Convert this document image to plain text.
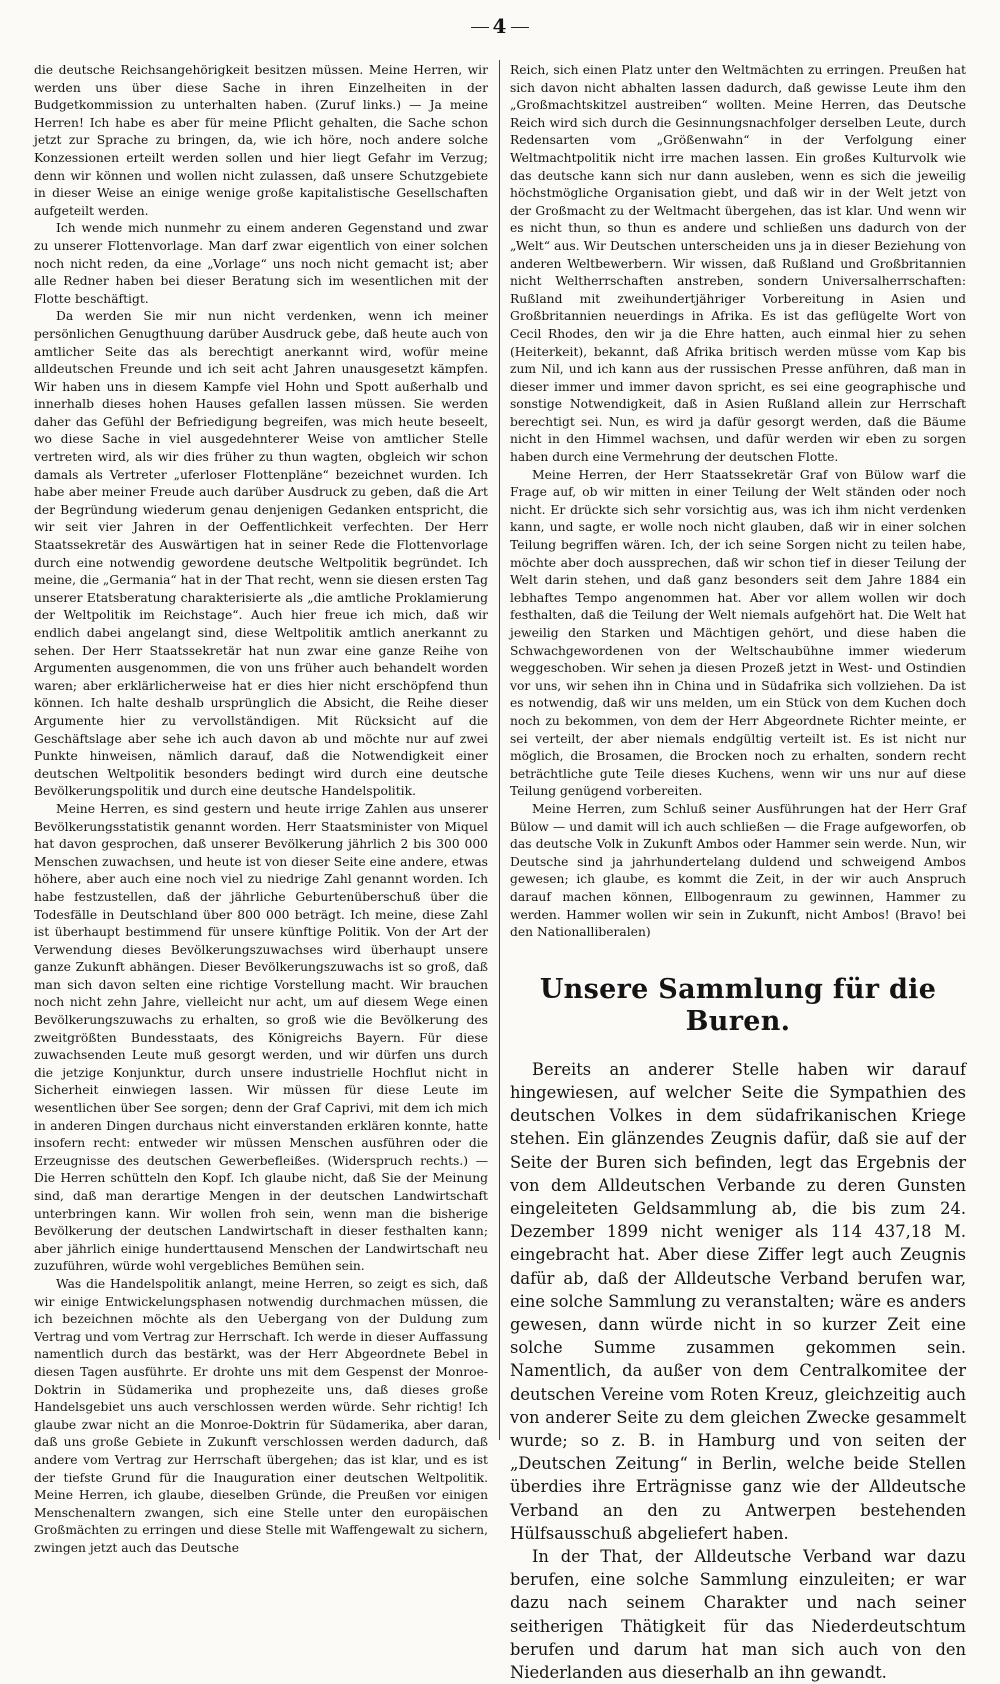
4

die deutsche Reichsangehörigkeit besitzen müssen. Meine Herren, wir werden uns über diese Sache in ihren Einzelheiten in der Budgetkommission zu unterhalten haben. (Zuruf links.) — Ja meine Herren! Ich habe es aber für meine Pflicht gehalten, die Sache schon jetzt zur Sprache zu bringen, da, wie ich höre, noch andere solche Konzessionen erteilt werden sollen und hier liegt Gefahr im Verzug; denn wir können und wollen nicht zulassen, daß unsere Schutzgebiete in dieser Weise an einige wenige große kapitalistische Gesellschaften aufgeteilt werden.

Ich wende mich nunmehr zu einem anderen Gegenstand und zwar zu unserer Flottenvorlage. Man darf zwar eigentlich von einer solchen noch nicht reden, da eine „Vorlage“ uns noch nicht gemacht ist; aber alle Redner haben bei dieser Beratung sich im wesentlichen mit der Flotte beschäftigt.

Da werden Sie mir nun nicht verdenken, wenn ich meiner persönlichen Genugthuung darüber Ausdruck gebe, daß heute auch von amtlicher Seite das als berechtigt anerkannt wird, wofür meine alldeutschen Freunde und ich seit acht Jahren unausgesetzt kämpfen. Wir haben uns in diesem Kampfe viel Hohn und Spott außerhalb und innerhalb dieses hohen Hauses gefallen lassen müssen. Sie werden daher das Gefühl der Befriedigung begreifen, was mich heute beseelt, wo diese Sache in viel ausgedehnterer Weise von amtlicher Stelle vertreten wird, als wir dies früher zu thun wagten, obgleich wir schon damals als Vertreter „uferloser Flottenpläne“ bezeichnet wurden. Ich habe aber meiner Freude auch darüber Ausdruck zu geben, daß die Art der Begründung wiederum genau denjenigen Gedanken entspricht, die wir seit vier Jahren in der Oeffentlichkeit verfechten. Der Herr Staatssekretär des Auswärtigen hat in seiner Rede die Flottenvorlage durch eine notwendig gewordene deutsche Weltpolitik begründet. Ich meine, die „Germania“ hat in der That recht, wenn sie diesen ersten Tag unserer Etatsberatung charakterisierte als „die amtliche Proklamierung der Weltpolitik im Reichstage“. Auch hier freue ich mich, daß wir endlich dabei angelangt sind, diese Weltpolitik amtlich anerkannt zu sehen. Der Herr Staatssekretär hat nun zwar eine ganze Reihe von Argumenten ausgenommen, die von uns früher auch behandelt worden waren; aber erklärlicherweise hat er dies hier nicht erschöpfend thun können. Ich halte deshalb ursprünglich die Absicht, die Reihe dieser Argumente hier zu vervollständigen. Mit Rücksicht auf die Geschäftslage aber sehe ich auch davon ab und möchte nur auf zwei Punkte hinweisen, nämlich darauf, daß die Notwendigkeit einer deutschen Weltpolitik besonders bedingt wird durch eine deutsche Bevölkerungspolitik und durch eine deutsche Handelspolitik.

Meine Herren, es sind gestern und heute irrige Zahlen aus unserer Bevölkerungsstatistik genannt worden. Herr Staatsminister von Miquel hat davon gesprochen, daß unserer Bevölkerung jährlich 2 bis 300 000 Menschen zuwachsen, und heute ist von dieser Seite eine andere, etwas höhere, aber auch eine noch viel zu niedrige Zahl genannt worden. Ich habe festzustellen, daß der jährliche Geburtenüberschuß über die Todesfälle in Deutschland über 800 000 beträgt. Ich meine, diese Zahl ist überhaupt bestimmend für unsere künftige Politik. Von der Art der Verwendung dieses Bevölkerungszuwachses wird überhaupt unsere ganze Zukunft abhängen. Dieser Bevölkerungszuwachs ist so groß, daß man sich davon selten eine richtige Vorstellung macht. Wir brauchen noch nicht zehn Jahre, vielleicht nur acht, um auf diesem Wege einen Bevölkerungszuwachs zu erhalten, so groß wie die Bevölkerung des zweitgrößten Bundesstaats, des Königreichs Bayern. Für diese zuwachsenden Leute muß gesorgt werden, und wir dürfen uns durch die jetzige Konjunktur, durch unsere industrielle Hochflut nicht in Sicherheit einwiegen lassen. Wir müssen für diese Leute im wesentlichen über See sorgen; denn der Graf Caprivi, mit dem ich mich in anderen Dingen durchaus nicht einverstanden erklären konnte, hatte insofern recht: entweder wir müssen Menschen ausführen oder die Erzeugnisse des deutschen Gewerbefleißes. (Widerspruch rechts.) — Die Herren schütteln den Kopf. Ich glaube nicht, daß Sie der Meinung sind, daß man derartige Mengen in der deutschen Landwirtschaft unterbringen kann. Wir wollen froh sein, wenn man die bisherige Bevölkerung der deutschen Landwirtschaft in dieser festhalten kann; aber jährlich einige hunderttausend Menschen der Landwirtschaft neu zuzuführen, würde wohl vergebliches Bemühen sein.

Was die Handelspolitik anlangt, meine Herren, so zeigt es sich, daß wir einige Entwickelungsphasen notwendig durchmachen müssen, die ich bezeichnen möchte als den Uebergang von der Duldung zum Vertrag und vom Vertrag zur Herrschaft. Ich werde in dieser Auffassung namentlich durch das bestärkt, was der Herr Abgeordnete Bebel in diesen Tagen ausführte. Er drohte uns mit dem Gespenst der Monroe-Doktrin in Südamerika und prophezeite uns, daß dieses große Handelsgebiet uns auch verschlossen werden würde. Sehr richtig! Ich glaube zwar nicht an die Monroe-Doktrin für Südamerika, aber daran, daß uns große Gebiete in Zukunft verschlossen werden dadurch, daß andere vom Vertrag zur Herrschaft übergehen; das ist klar, und es ist der tiefste Grund für die Inauguration einer deutschen Weltpolitik. Meine Herren, ich glaube, dieselben Gründe, die Preußen vor einigen Menschenaltern zwangen, sich eine Stelle unter den europäischen Großmächten zu erringen und diese Stelle mit Waffengewalt zu sichern, zwingen jetzt auch das Deutsche

Reich, sich einen Platz unter den Weltmächten zu erringen. Preußen hat sich davon nicht abhalten lassen dadurch, daß gewisse Leute ihm den „Großmachtskitzel austreiben“ wollten. Meine Herren, das Deutsche Reich wird sich durch die Gesinnungsnachfolger derselben Leute, durch Redensarten vom „Größenwahn“ in der Verfolgung einer Weltmachtpolitik nicht irre machen lassen. Ein großes Kulturvolk wie das deutsche kann sich nur dann ausleben, wenn es sich die jeweilig höchstmögliche Organisation giebt, und daß wir in der Welt jetzt von der Großmacht zu der Weltmacht übergehen, das ist klar. Und wenn wir es nicht thun, so thun es andere und schließen uns dadurch von der „Welt“ aus. Wir Deutschen unterscheiden uns ja in dieser Beziehung von anderen Weltbewerbern. Wir wissen, daß Rußland und Großbritannien nicht Weltherrschaften anstreben, sondern Universalherrschaften: Rußland mit zweihundertjähriger Vorbereitung in Asien und Großbritannien neuerdings in Afrika. Es ist das geflügelte Wort von Cecil Rhodes, den wir ja die Ehre hatten, auch einmal hier zu sehen (Heiterkeit), bekannt, daß Afrika britisch werden müsse vom Kap bis zum Nil, und ich kann aus der russischen Presse anführen, daß man in dieser immer und immer davon spricht, es sei eine geographische und sonstige Notwendigkeit, daß in Asien Rußland allein zur Herrschaft berechtigt sei. Nun, es wird ja dafür gesorgt werden, daß die Bäume nicht in den Himmel wachsen, und dafür werden wir eben zu sorgen haben durch eine Vermehrung der deutschen Flotte.

Meine Herren, der Herr Staatssekretär Graf von Bülow warf die Frage auf, ob wir mitten in einer Teilung der Welt ständen oder noch nicht. Er drückte sich sehr vorsichtig aus, was ich ihm nicht verdenken kann, und sagte, er wolle noch nicht glauben, daß wir in einer solchen Teilung begriffen wären. Ich, der ich seine Sorgen nicht zu teilen habe, möchte aber doch aussprechen, daß wir schon tief in dieser Teilung der Welt darin stehen, und daß ganz besonders seit dem Jahre 1884 ein lebhaftes Tempo angenommen hat. Aber vor allem wollen wir doch festhalten, daß die Teilung der Welt niemals aufgehört hat. Die Welt hat jeweilig den Starken und Mächtigen gehört, und diese haben die Schwachgewordenen von der Weltschaubühne immer wiederum weggeschoben. Wir sehen ja diesen Prozeß jetzt in West- und Ostindien vor uns, wir sehen ihn in China und in Südafrika sich vollziehen. Da ist es notwendig, daß wir uns melden, um ein Stück von dem Kuchen doch noch zu bekommen, von dem der Herr Abgeordnete Richter meinte, er sei verteilt, der aber niemals endgültig verteilt ist. Es ist nicht nur möglich, die Brosamen, die Brocken noch zu erhalten, sondern recht beträchtliche gute Teile dieses Kuchens, wenn wir uns nur auf diese Teilung genügend vorbereiten.

Meine Herren, zum Schluß seiner Ausführungen hat der Herr Graf Bülow — und damit will ich auch schließen — die Frage aufgeworfen, ob das deutsche Volk in Zukunft Ambos oder Hammer sein werde. Nun, wir Deutsche sind ja jahrhundertelang duldend und schweigend Ambos gewesen; ich glaube, es kommt die Zeit, in der wir auch Anspruch darauf machen können, Ellbogenraum zu gewinnen, Hammer zu werden. Hammer wollen wir sein in Zukunft, nicht Ambos! (Bravo! bei den Nationalliberalen)

Unsere Sammlung für die Buren.

Bereits an anderer Stelle haben wir darauf hingewiesen, auf welcher Seite die Sympathien des deutschen Volkes in dem südafrikanischen Kriege stehen. Ein glänzendes Zeugnis dafür, daß sie auf der Seite der Buren sich befinden, legt das Ergebnis der von dem Alldeutschen Verbande zu deren Gunsten eingeleiteten Geldsammlung ab, die bis zum 24. Dezember 1899 nicht weniger als 114 437,18 M. eingebracht hat. Aber diese Ziffer legt auch Zeugnis dafür ab, daß der Alldeutsche Verband berufen war, eine solche Sammlung zu veranstalten; wäre es anders gewesen, dann würde nicht in so kurzer Zeit eine solche Summe zusammen gekommen sein. Namentlich, da außer von dem Centralkomitee der deutschen Vereine vom Roten Kreuz, gleichzeitig auch von anderer Seite zu dem gleichen Zwecke gesammelt wurde; so z. B. in Hamburg und von seiten der „Deutschen Zeitung“ in Berlin, welche beide Stellen überdies ihre Erträgnisse ganz wie der Alldeutsche Verband an den zu Antwerpen bestehenden Hülfsausschuß abgeliefert haben.

In der That, der Alldeutsche Verband war dazu berufen, eine solche Sammlung einzuleiten; er war dazu nach seinem Charakter und nach seiner seitherigen Thätigkeit für das Niederdeutschtum berufen und darum hat man sich auch von den Niederlanden aus dieserhalb an ihn gewandt.
